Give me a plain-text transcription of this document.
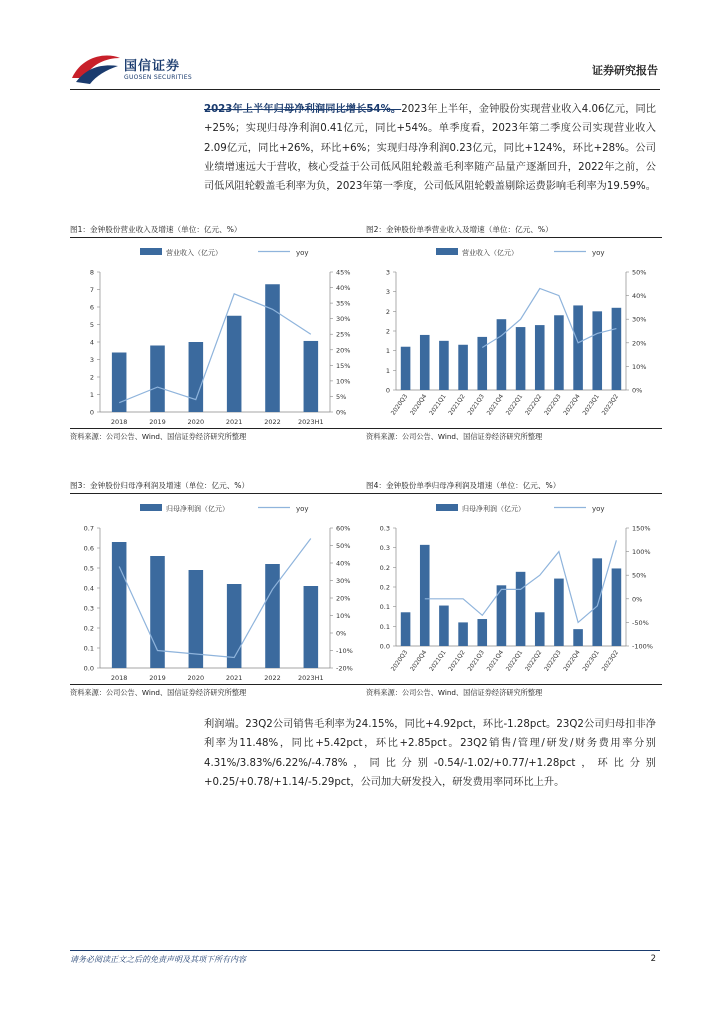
国信证券
GUOSEN SECURITIES
证券研究报告
2023年上半年归母净利润同比增长54%。2023年上半年，金钟股份实现营业收入4.06亿元，同比+25%；实现归母净利润0.41亿元，同比+54%。单季度看，2023年第二季度公司实现营业收入2.09亿元，同比+26%，环比+6%；实现归母净利润0.23亿元，同比+124%，环比+28%。公司业绩增速远大于营收，核心受益于公司低风阻轮毂盖毛利率随产品量产逐渐回升，2022年之前，公司低风阻轮毂盖毛利率为负，2023年第一季度，公司低风阻轮毂盖剔除运费影响毛利率为19.59%。
图1：金钟股份营业收入及增速（单位：亿元、%）
营业收入（亿元）	yoy
0
1
2
3
4
5
6
7
8
0%
5%
10%
15%
20%
25%
30%
35%
40%
45%
2018	2019	2020	2021	2022	2023H1
资料来源：公司公告、Wind、国信证券经济研究所整理
图2：金钟股份单季营业收入及增速（单位：亿元、%）
营业收入（亿元）	yoy
0
1
1
2
2
3
3
0%
10%
20%
30%
40%
50%
2020Q3 2020Q4 2021Q1 2021Q2 2021Q3 2021Q4 2022Q1 2022Q2 2022Q3 2022Q4 2023Q1 2023Q2
资料来源：公司公告、Wind、国信证券经济研究所整理
图3：金钟股份归母净利润及增速（单位：亿元、%）
归母净利润（亿元）	yoy
0.0
0.1
0.2
0.3
0.4
0.5
0.6
0.7
-20%
-10%
0%
10%
20%
30%
40%
50%
60%
2018	2019	2020	2021	2022	2023H1
资料来源：公司公告、Wind、国信证券经济研究所整理
图4：金钟股份单季归母净利润及增速（单位：亿元、%）
归母净利润（亿元）	yoy
0.0
0.1
0.1
0.2
0.2
0.3
0.3
-100%
-50%
0%
50%
100%
150%
2020Q3 2020Q4 2021Q1 2021Q2 2021Q3 2021Q4 2022Q1 2022Q2 2022Q3 2022Q4 2023Q1 2023Q2
资料来源：公司公告、Wind、国信证券经济研究所整理
利润端。23Q2公司销售毛利率为24.15%，同比+4.92pct，环比-1.28pct。23Q2公司归母扣非净利率为11.48%，同比+5.42pct，环比+2.85pct。23Q2销售/管理/研发/财务费用率分别4.31%/3.83%/6.22%/-4.78%，同比分别-0.54/-1.02/+0.77/+1.28pct，环比分别+0.25/+0.78/+1.14/-5.29pct，公司加大研发投入，研发费用率同环比上升。
请务必阅读正文之后的免责声明及其项下所有内容	2
